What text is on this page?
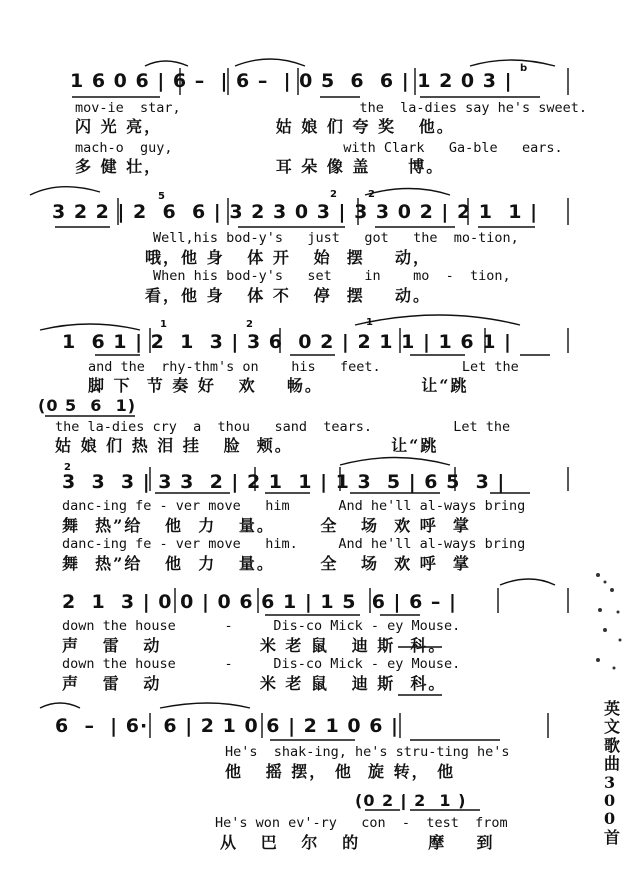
1 6 0 6 | 6 –  | 6 –  | 0 5  6  6 | 1 2 0 3 |
b
mov-ie  star,                      the  la-dies say he's sweet.
闪 光 亮，               姑 娘 们 夸 奖   他。
mach-o  guy,                     with Clark   Ga-ble   ears.
多 健 壮，               耳 朵 像 盖     博。
5	2	2
3 2 2 | 2  6  6 | 3 2 3 0 3 | 3 3 0 2 | 2 1  1 |
Well,his bod-y's   just   got   the  mo-tion,
哦，他 身   体 开   始  摆    动，
When his bod-y's   set    in    mo  -  tion,
看，他 身   体 不   停  摆    动。
1	2	1
1  6 1 | 2  1  3 | 3 6  0 2 | 2 1 1 | 1 6 1 |
and the  rhy-thm's on    his   feet.          Let the
脚 下  节 奏 好   欢    畅。             让“跳
(0 5  6  1)
the la-dies cry  a  thou   sand  tears.          Let the
姑 娘 们 热 泪 挂   脸  颊。             让“跳
2
3  3  3 | 3 3  2 | 2 1  1 | 1 3  5 | 6 5  3 |
danc-ing fe - ver move   him      And he'll al-ways bring
舞  热”给   他  力   量。      全   场  欢 呼  掌
danc-ing fe - ver move   him.     And he'll al-ways bring
舞  热”给   他  力   量。      全   场  欢 呼  掌
2  1  3 | 0 0 | 0 6 6 1 | 1 5  6 | 6 – |
down the house      -     Dis-co Mick - ey Mouse.
声   雷   动             米 老 鼠   迪 斯  科。
down the house      -     Dis-co Mick - ey Mouse.
声   雷   动             米 老 鼠   迪 斯  科。
6  –  | 6·  6 | 2 1 0 6 | 2 1 0 6 |
He's  shak-ing, he's stru-ting he's
他   摇 摆， 他  旋 转， 他
(0 2 | 2  1 )
He's won ev'-ry   con  -  test  from
从   巴   尔   的         摩    到
英文歌曲300首
